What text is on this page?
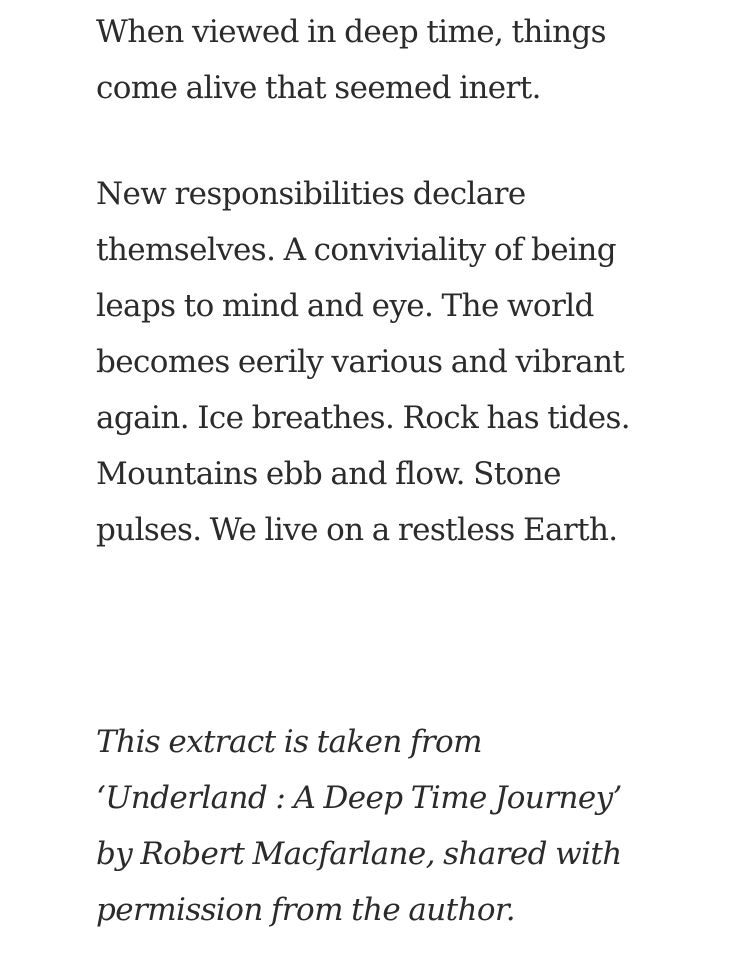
When viewed in deep time, things
come alive that seemed inert.

New responsibilities declare
themselves. A conviviality of being
leaps to mind and eye. The world
becomes eerily various and vibrant
again. Ice breathes. Rock has tides.
Mountains ebb and flow. Stone
pulses. We live on a restless Earth.

This extract is taken from
‘Underland : A Deep Time Journey’
by Robert Macfarlane, shared with
permission from the author.
